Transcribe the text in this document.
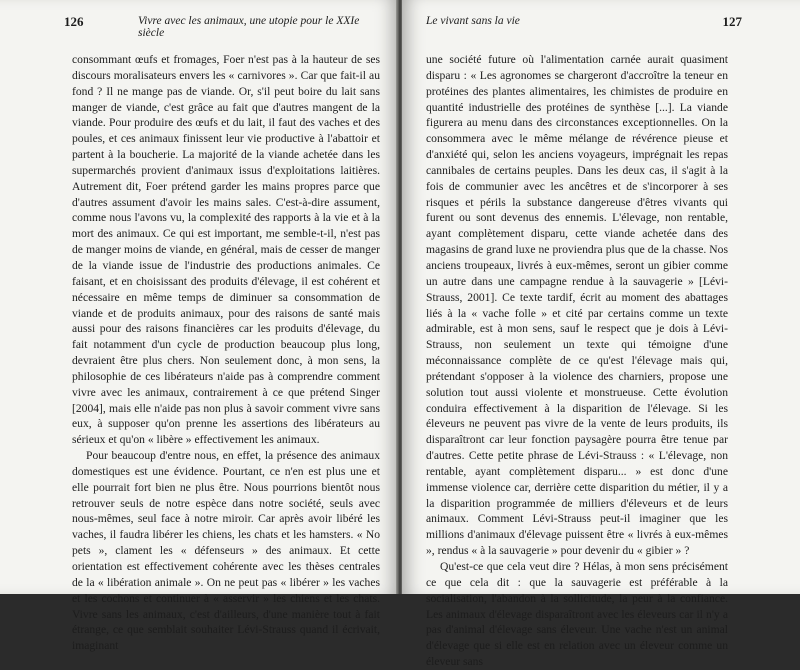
126	Vivre avec les animaux, une utopie pour le XXIe siècle

consommant œufs et fromages, Foer n'est pas à la hauteur de ses discours moralisateurs envers les « carnivores ». Car que fait-il au fond ? Il ne mange pas de viande. Or, s'il peut boire du lait sans manger de viande, c'est grâce au fait que d'autres mangent de la viande. Pour produire des œufs et du lait, il faut des vaches et des poules, et ces animaux finissent leur vie productive à l'abattoir et partent à la boucherie. La majorité de la viande achetée dans les supermarchés provient d'animaux issus d'exploitations laitières. Autrement dit, Foer prétend garder les mains propres parce que d'autres assument d'avoir les mains sales. C'est-à-dire assument, comme nous l'avons vu, la complexité des rapports à la vie et à la mort des animaux. Ce qui est important, me semble-t-il, n'est pas de manger moins de viande, en général, mais de cesser de manger de la viande issue de l'industrie des productions animales. Ce faisant, et en choisissant des produits d'élevage, il est cohérent et nécessaire en même temps de diminuer sa consommation de viande et de produits animaux, pour des raisons de santé mais aussi pour des raisons financières car les produits d'élevage, du fait notamment d'un cycle de production beaucoup plus long, devraient être plus chers. Non seulement donc, à mon sens, la philosophie de ces libérateurs n'aide pas à comprendre comment vivre avec les animaux, contrairement à ce que prétend Singer [2004], mais elle n'aide pas non plus à savoir comment vivre sans eux, à supposer qu'on prenne les assertions des libérateurs au sérieux et qu'on « libère » effectivement les animaux.

Pour beaucoup d'entre nous, en effet, la présence des animaux domestiques est une évidence. Pourtant, ce n'en est plus une et elle pourrait fort bien ne plus être. Nous pourrions bientôt nous retrouver seuls de notre espèce dans notre société, seuls avec nous-mêmes, seul face à notre miroir. Car après avoir libéré les vaches, il faudra libérer les chiens, les chats et les hamsters. « No pets », clament les « défenseurs » des animaux. Et cette orientation est effectivement cohérente avec les thèses centrales de la « libération animale ». On ne peut pas « libérer » les vaches et les cochons et continuer à « asservir » les chiens et les chats. Vivre sans les animaux, c'est d'ailleurs, d'une manière tout à fait étrange, ce que semblait souhaiter Lévi-Strauss quand il écrivait, imaginant

Le vivant sans la vie	127

une société future où l'alimentation carnée aurait quasiment disparu : « Les agronomes se chargeront d'accroître la teneur en protéines des plantes alimentaires, les chimistes de produire en quantité industrielle des protéines de synthèse [...]. La viande figurera au menu dans des circonstances exceptionnelles. On la consommera avec le même mélange de révérence pieuse et d'anxiété qui, selon les anciens voyageurs, imprégnait les repas cannibales de certains peuples. Dans les deux cas, il s'agit à la fois de communier avec les ancêtres et de s'incorporer à ses risques et périls la substance dangereuse d'êtres vivants qui furent ou sont devenus des ennemis. L'élevage, non rentable, ayant complètement disparu, cette viande achetée dans des magasins de grand luxe ne proviendra plus que de la chasse. Nos anciens troupeaux, livrés à eux-mêmes, seront un gibier comme un autre dans une campagne rendue à la sauvagerie » [Lévi-Strauss, 2001]. Ce texte tardif, écrit au moment des abattages liés à la « vache folle » et cité par certains comme un texte admirable, est à mon sens, sauf le respect que je dois à Lévi-Strauss, non seulement un texte qui témoigne d'une méconnaissance complète de ce qu'est l'élevage mais qui, prétendant s'opposer à la violence des charniers, propose une solution tout aussi violente et monstrueuse. Cette évolution conduira effectivement à la disparition de l'élevage. Si les éleveurs ne peuvent pas vivre de la vente de leurs produits, ils disparaîtront car leur fonction paysagère pourra être tenue par d'autres. Cette petite phrase de Lévi-Strauss : « L'élevage, non rentable, ayant complètement disparu... » est donc d'une immense violence car, derrière cette disparition du métier, il y a la disparition programmée de milliers d'éleveurs et de leurs animaux. Comment Lévi-Strauss peut-il imaginer que les millions d'animaux d'élevage puissent être « livrés à eux-mêmes », rendus « à la sauvagerie » pour devenir du « gibier » ?

Qu'est-ce que cela veut dire ? Hélas, à mon sens précisément ce que cela dit : que la sauvagerie est préférable à la socialisation, l'abandon à la sollicitude, la peur à la confiance. Les animaux d'élevage disparaîtront avec les éleveurs car il n'y a pas d'animal d'élevage sans éleveur. Une vache n'est un animal d'élevage que si elle est en relation avec un éleveur comme un éleveur sans
